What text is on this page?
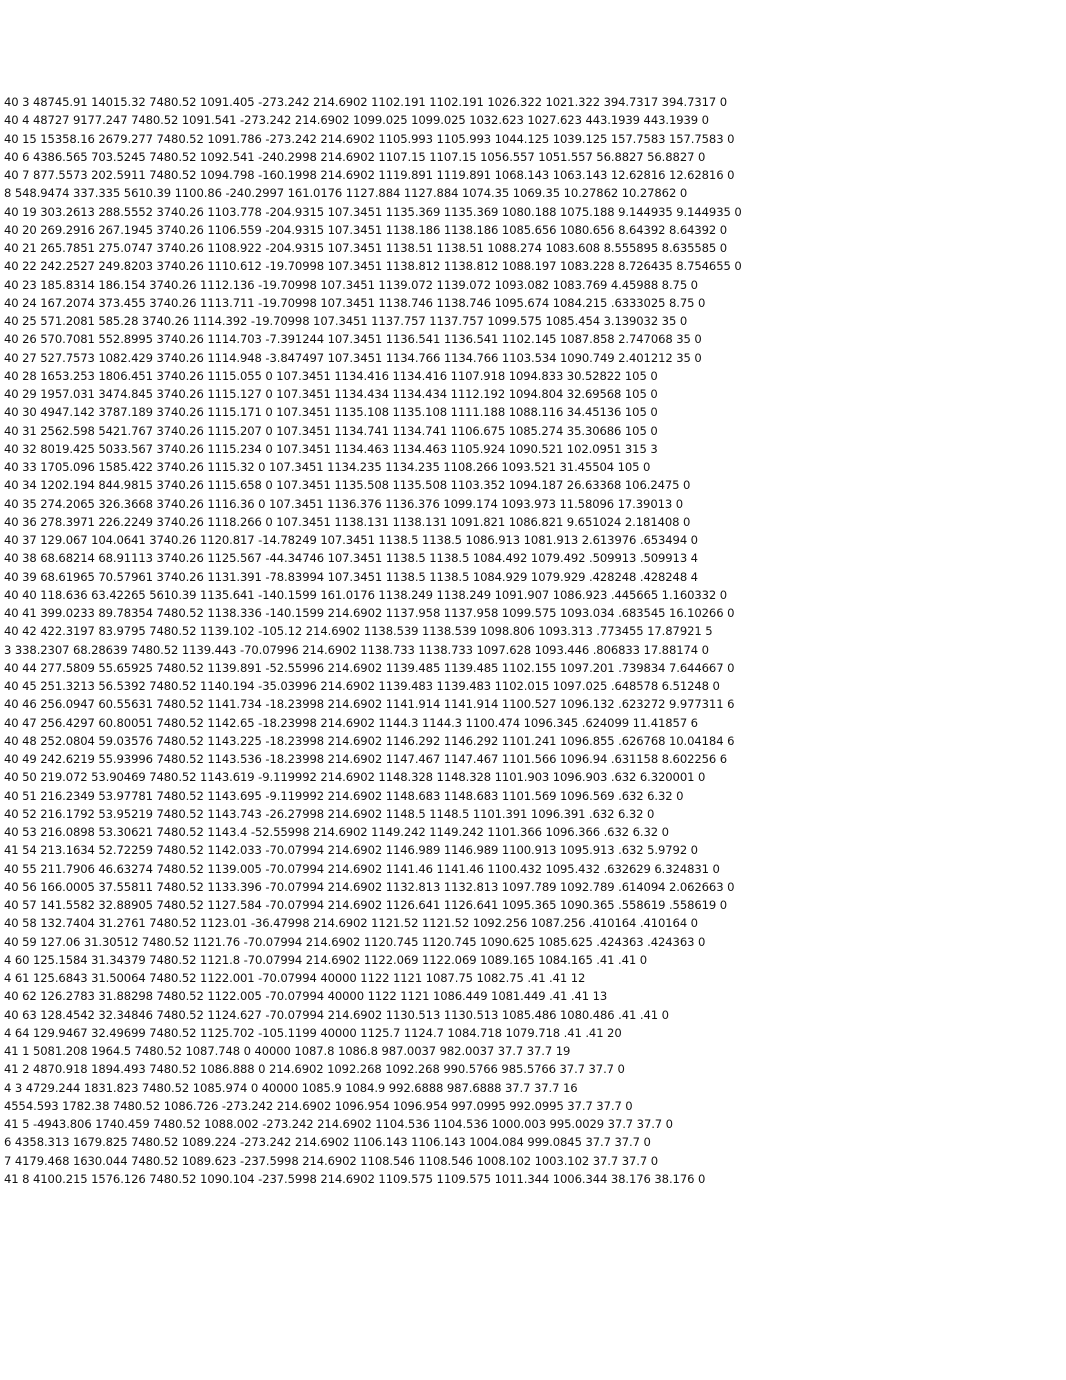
40 3 48745.91 14015.32 7480.52 1091.405 -273.242 214.6902 1102.191 1102.191 1026.322 1021.322 394.7317 394.7317 0
40 4 48727 9177.247 7480.52 1091.541 -273.242 214.6902 1099.025 1099.025 1032.623 1027.623 443.1939 443.1939 0
40 15 15358.16 2679.277 7480.52 1091.786 -273.242 214.6902 1105.993 1105.993 1044.125 1039.125 157.7583 157.7583 0
40 6 4386.565 703.5245 7480.52 1092.541 -240.2998 214.6902 1107.15 1107.15 1056.557 1051.557 56.8827 56.8827 0
40 7 877.5573 202.5911 7480.52 1094.798 -160.1998 214.6902 1119.891 1119.891 1068.143 1063.143 12.62816 12.62816 0
8 548.9474 337.335 5610.39 1100.86 -240.2997 161.0176 1127.884 1127.884 1074.35 1069.35 10.27862 10.27862 0
40 19 303.2613 288.5552 3740.26 1103.778 -204.9315 107.3451 1135.369 1135.369 1080.188 1075.188 9.144935 9.144935 0
40 20 269.2916 267.1945 3740.26 1106.559 -204.9315 107.3451 1138.186 1138.186 1085.656 1080.656 8.64392 8.64392 0
40 21 265.7851 275.0747 3740.26 1108.922 -204.9315 107.3451 1138.51 1138.51 1088.274 1083.608 8.555895 8.635585 0
40 22 242.2527 249.8203 3740.26 1110.612 -19.70998 107.3451 1138.812 1138.812 1088.197 1083.228 8.726435 8.754655 0
40 23 185.8314 186.154 3740.26 1112.136 -19.70998 107.3451 1139.072 1139.072 1093.082 1083.769 4.45988 8.75 0
40 24 167.2074 373.455 3740.26 1113.711 -19.70998 107.3451 1138.746 1138.746 1095.674 1084.215 .6333025 8.75 0
40 25 571.2081 585.28 3740.26 1114.392 -19.70998 107.3451 1137.757 1137.757 1099.575 1085.454 3.139032 35 0
40 26 570.7081 552.8995 3740.26 1114.703 -7.391244 107.3451 1136.541 1136.541 1102.145 1087.858 2.747068 35 0
40 27 527.7573 1082.429 3740.26 1114.948 -3.847497 107.3451 1134.766 1134.766 1103.534 1090.749 2.401212 35 0
40 28 1653.253 1806.451 3740.26 1115.055 0 107.3451 1134.416 1134.416 1107.918 1094.833 30.52822 105 0
40 29 1957.031 3474.845 3740.26 1115.127 0 107.3451 1134.434 1134.434 1112.192 1094.804 32.69568 105 0
40 30 4947.142 3787.189 3740.26 1115.171 0 107.3451 1135.108 1135.108 1111.188 1088.116 34.45136 105 0
40 31 2562.598 5421.767 3740.26 1115.207 0 107.3451 1134.741 1134.741 1106.675 1085.274 35.30686 105 0
40 32 8019.425 5033.567 3740.26 1115.234 0 107.3451 1134.463 1134.463 1105.924 1090.521 102.0951 315 3
40 33 1705.096 1585.422 3740.26 1115.32 0 107.3451 1134.235 1134.235 1108.266 1093.521 31.45504 105 0
40 34 1202.194 844.9815 3740.26 1115.658 0 107.3451 1135.508 1135.508 1103.352 1094.187 26.63368 106.2475 0
40 35 274.2065 326.3668 3740.26 1116.36 0 107.3451 1136.376 1136.376 1099.174 1093.973 11.58096 17.39013 0
40 36 278.3971 226.2249 3740.26 1118.266 0 107.3451 1138.131 1138.131 1091.821 1086.821 9.651024 2.181408 0
40 37 129.067 104.0641 3740.26 1120.817 -14.78249 107.3451 1138.5 1138.5 1086.913 1081.913 2.613976 .653494 0
40 38 68.68214 68.91113 3740.26 1125.567 -44.34746 107.3451 1138.5 1138.5 1084.492 1079.492 .509913 .509913 4
40 39 68.61965 70.57961 3740.26 1131.391 -78.83994 107.3451 1138.5 1138.5 1084.929 1079.929 .428248 .428248 4
40 40 118.636 63.42265 5610.39 1135.641 -140.1599 161.0176 1138.249 1138.249 1091.907 1086.923 .445665 1.160332 0
40 41 399.0233 89.78354 7480.52 1138.336 -140.1599 214.6902 1137.958 1137.958 1099.575 1093.034 .683545 16.10266 0
40 42 422.3197 83.9795 7480.52 1139.102 -105.12 214.6902 1138.539 1138.539 1098.806 1093.313 .773455 17.87921 5
3 338.2307 68.28639 7480.52 1139.443 -70.07996 214.6902 1138.733 1138.733 1097.628 1093.446 .806833 17.88174 0
40 44 277.5809 55.65925 7480.52 1139.891 -52.55996 214.6902 1139.485 1139.485 1102.155 1097.201 .739834 7.644667 0
40 45 251.3213 56.5392 7480.52 1140.194 -35.03996 214.6902 1139.483 1139.483 1102.015 1097.025 .648578 6.51248 0
40 46 256.0947 60.55631 7480.52 1141.734 -18.23998 214.6902 1141.914 1141.914 1100.527 1096.132 .623272 9.977311 6
40 47 256.4297 60.80051 7480.52 1142.65 -18.23998 214.6902 1144.3 1144.3 1100.474 1096.345 .624099 11.41857 6
40 48 252.0804 59.03576 7480.52 1143.225 -18.23998 214.6902 1146.292 1146.292 1101.241 1096.855 .626768 10.04184 6
40 49 242.6219 55.93996 7480.52 1143.536 -18.23998 214.6902 1147.467 1147.467 1101.566 1096.94 .631158 8.602256 6
40 50 219.072 53.90469 7480.52 1143.619 -9.119992 214.6902 1148.328 1148.328 1101.903 1096.903 .632 6.320001 0
40 51 216.2349 53.97781 7480.52 1143.695 -9.119992 214.6902 1148.683 1148.683 1101.569 1096.569 .632 6.32 0
40 52 216.1792 53.95219 7480.52 1143.743 -26.27998 214.6902 1148.5 1148.5 1101.391 1096.391 .632 6.32 0
40 53 216.0898 53.30621 7480.52 1143.4 -52.55998 214.6902 1149.242 1149.242 1101.366 1096.366 .632 6.32 0
41 54 213.1634 52.72259 7480.52 1142.033 -70.07994 214.6902 1146.989 1146.989 1100.913 1095.913 .632 5.9792 0
40 55 211.7906 46.63274 7480.52 1139.005 -70.07994 214.6902 1141.46 1141.46 1100.432 1095.432 .632629 6.324831 0
40 56 166.0005 37.55811 7480.52 1133.396 -70.07994 214.6902 1132.813 1132.813 1097.789 1092.789 .614094 2.062663 0
40 57 141.5582 32.88905 7480.52 1127.584 -70.07994 214.6902 1126.641 1126.641 1095.365 1090.365 .558619 .558619 0
40 58 132.7404 31.2761 7480.52 1123.01 -36.47998 214.6902 1121.52 1121.52 1092.256 1087.256 .410164 .410164 0
40 59 127.06 31.30512 7480.52 1121.76 -70.07994 214.6902 1120.745 1120.745 1090.625 1085.625 .424363 .424363 0
4 60 125.1584 31.34379 7480.52 1121.8 -70.07994 214.6902 1122.069 1122.069 1089.165 1084.165 .41 .41 0
4 61 125.6843 31.50064 7480.52 1122.001 -70.07994 40000 1122 1121 1087.75 1082.75 .41 .41 12
40 62 126.2783 31.88298 7480.52 1122.005 -70.07994 40000 1122 1121 1086.449 1081.449 .41 .41 13
40 63 128.4542 32.34846 7480.52 1124.627 -70.07994 214.6902 1130.513 1130.513 1085.486 1080.486 .41 .41 0
4 64 129.9467 32.49699 7480.52 1125.702 -105.1199 40000 1125.7 1124.7 1084.718 1079.718 .41 .41 20
41 1 5081.208 1964.5 7480.52 1087.748 0 40000 1087.8 1086.8 987.0037 982.0037 37.7 37.7 19
41 2 4870.918 1894.493 7480.52 1086.888 0 214.6902 1092.268 1092.268 990.5766 985.5766 37.7 37.7 0
4 3 4729.244 1831.823 7480.52 1085.974 0 40000 1085.9 1084.9 992.6888 987.6888 37.7 37.7 16
4554.593 1782.38 7480.52 1086.726 -273.242 214.6902 1096.954 1096.954 997.0995 992.0995 37.7 37.7 0
41 5 -4943.806 1740.459 7480.52 1088.002 -273.242 214.6902 1104.536 1104.536 1000.003 995.0029 37.7 37.7 0
6 4358.313 1679.825 7480.52 1089.224 -273.242 214.6902 1106.143 1106.143 1004.084 999.0845 37.7 37.7 0
7 4179.468 1630.044 7480.52 1089.623 -237.5998 214.6902 1108.546 1108.546 1008.102 1003.102 37.7 37.7 0
41 8 4100.215 1576.126 7480.52 1090.104 -237.5998 214.6902 1109.575 1109.575 1011.344 1006.344 38.176 38.176 0
